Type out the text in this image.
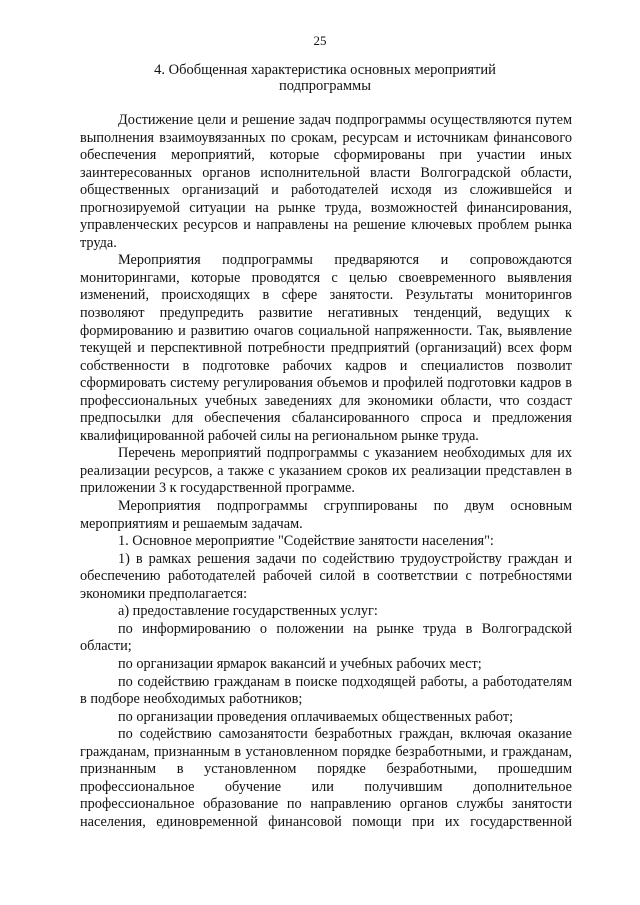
25
4. Обобщенная характеристика основных мероприятий
подпрограммы

Достижение цели и решение задач подпрограммы осуществляются путем выполнения взаимоувязанных по срокам, ресурсам и источникам финансового обеспечения мероприятий, которые сформированы при участии иных заинтересованных органов исполнительной власти Волгоградской области, общественных организаций и работодателей исходя из сложившейся и прогнозируемой ситуации на рынке труда, возможностей финансирования, управленческих ресурсов и направлены на решение ключевых проблем рынка труда.

Мероприятия подпрограммы предваряются и сопровождаются мониторингами, которые проводятся с целью своевременного выявления изменений, происходящих в сфере занятости. Результаты мониторингов позволяют предупредить развитие негативных тенденций, ведущих к формированию и развитию очагов социальной напряженности. Так, выявление текущей и перспективной потребности предприятий (организаций) всех форм собственности в подготовке рабочих кадров и специалистов позволит сформировать систему регулирования объемов и профилей подготовки кадров в профессиональных учебных заведениях для экономики области, что создаст предпосылки для обеспечения сбалансированного спроса и предложения квалифицированной рабочей силы на региональном рынке труда.

Перечень мероприятий подпрограммы с указанием необходимых для их реализации ресурсов, а также с указанием сроков их реализации представлен в приложении 3 к государственной программе.

Мероприятия подпрограммы сгруппированы по двум основным мероприятиям и решаемым задачам.

1. Основное мероприятие "Содействие занятости населения":

1) в рамках решения задачи по содействию трудоустройству граждан и обеспечению работодателей рабочей силой в соответствии с потребностями экономики предполагается:

а) предоставление государственных услуг:

по информированию о положении на рынке труда в Волгоградской области;

по организации ярмарок вакансий и учебных рабочих мест;

по содействию гражданам в поиске подходящей работы, а работодателям в подборе необходимых работников;

по организации проведения оплачиваемых общественных работ;

по содействию самозанятости безработных граждан, включая оказание гражданам, признанным в установленном порядке безработными, и гражданам, признанным в установленном порядке безработными, прошедшим профессиональное обучение или получившим дополнительное профессиональное образование по направлению органов службы занятости населения, единовременной финансовой помощи при их государственной
